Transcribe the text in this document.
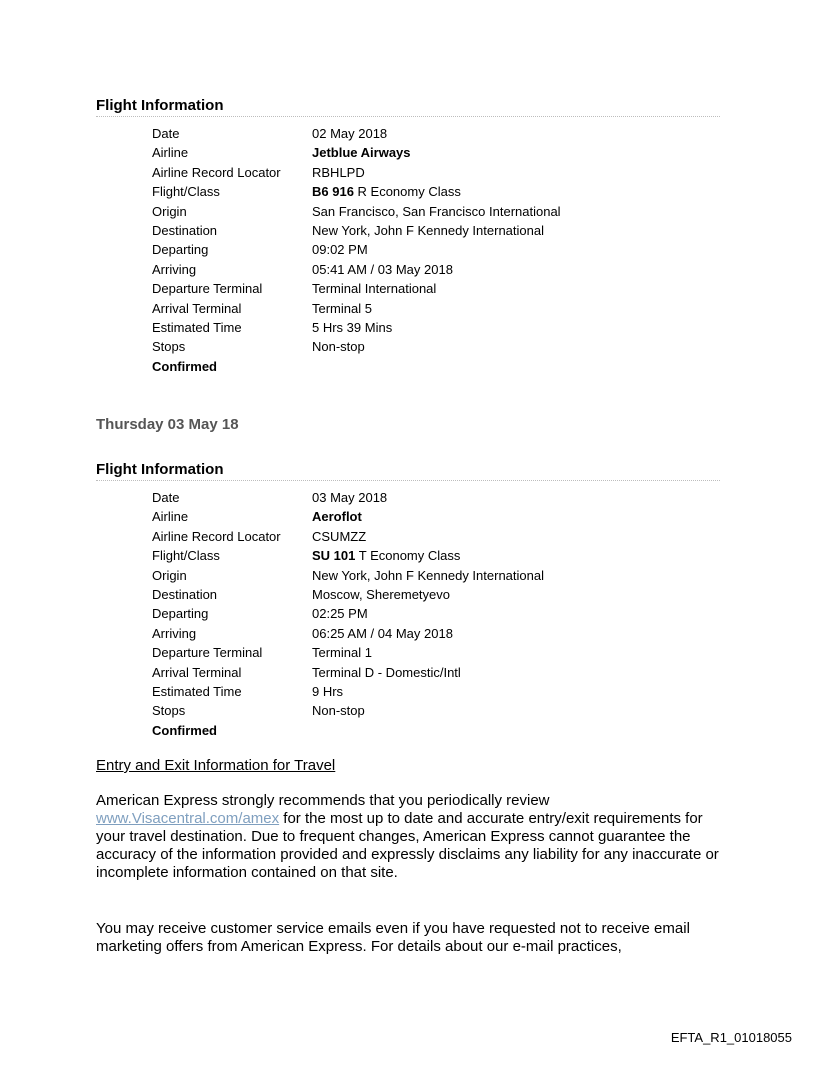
Flight Information
Date	02 May 2018
Airline	Jetblue Airways
Airline Record Locator	RBHLPD
Flight/Class	B6 916 R Economy Class
Origin	San Francisco, San Francisco International
Destination	New York, John F Kennedy International
Departing	09:02 PM
Arriving	05:41 AM / 03 May 2018
Departure Terminal	Terminal International
Arrival Terminal	Terminal 5
Estimated Time	5 Hrs 39 Mins
Stops	Non-stop
Confirmed
Thursday 03 May 18
Flight Information
Date	03 May 2018
Airline	Aeroflot
Airline Record Locator	CSUMZZ
Flight/Class	SU 101 T Economy Class
Origin	New York, John F Kennedy International
Destination	Moscow, Sheremetyevo
Departing	02:25 PM
Arriving	06:25 AM / 04 May 2018
Departure Terminal	Terminal 1
Arrival Terminal	Terminal D - Domestic/Intl
Estimated Time	9 Hrs
Stops	Non-stop
Confirmed
Entry and Exit Information for Travel
American Express strongly recommends that you periodically review www.Visacentral.com/amex for the most up to date and accurate entry/exit requirements for your travel destination. Due to frequent changes, American Express cannot guarantee the accuracy of the information provided and expressly disclaims any liability for any inaccurate or incomplete information contained on that site.
You may receive customer service emails even if you have requested not to receive email marketing offers from American Express. For details about our e-mail practices,
EFTA_R1_01018055
